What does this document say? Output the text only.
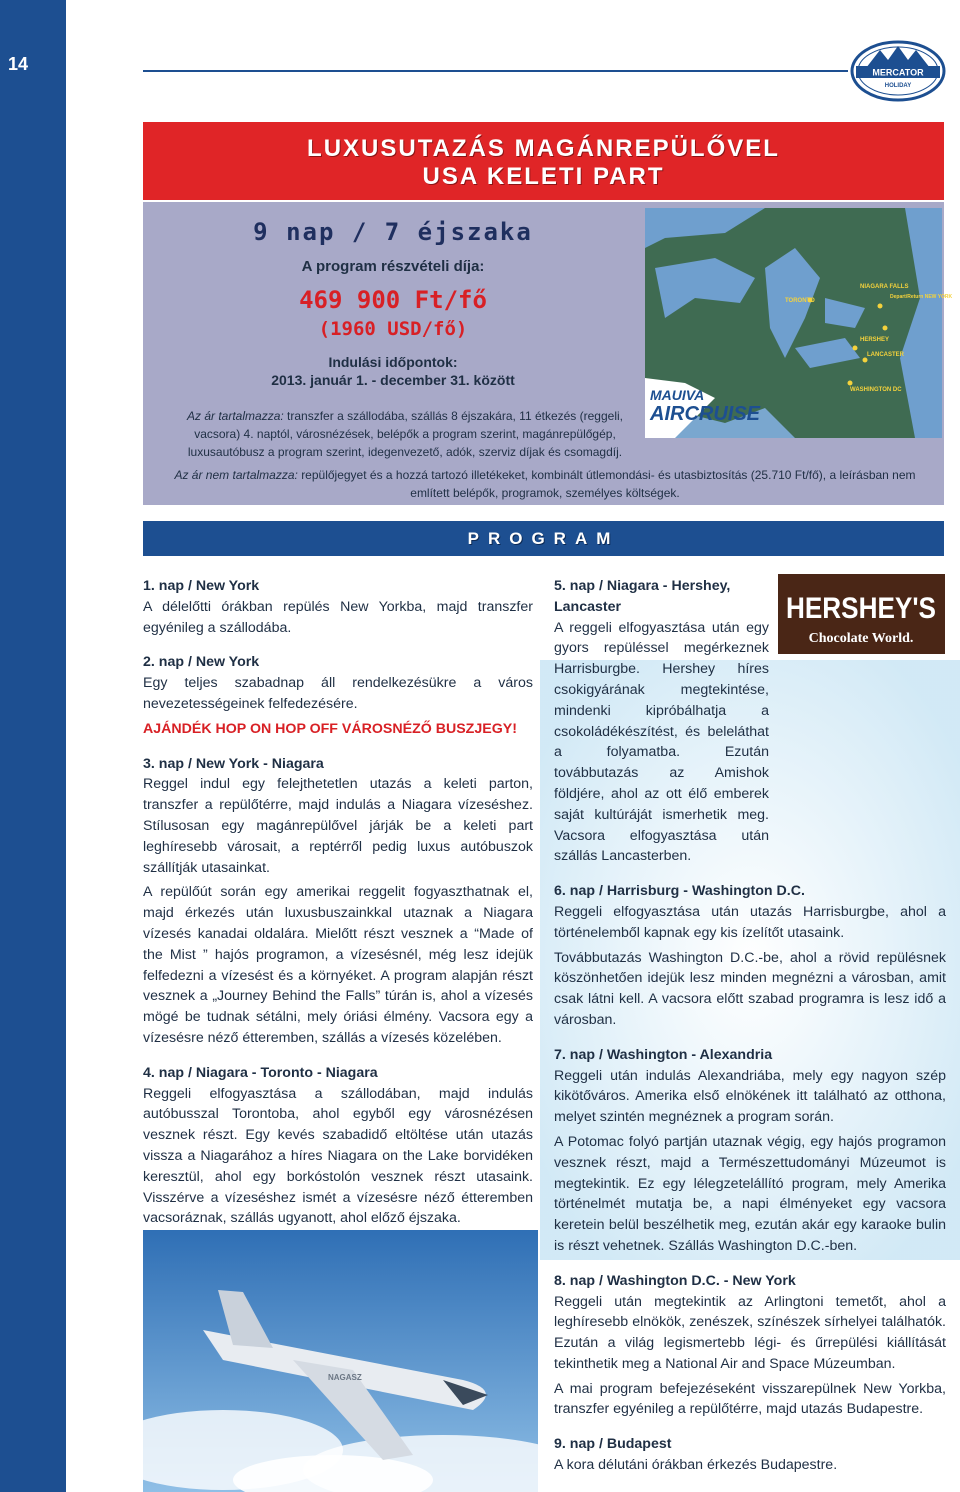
14	MERCATOR
HOLIDAY
LUXUSUTAZÁS MAGÁNREPÜLŐVEL
USA KELETI PART
9 nap / 7 éjszaka
A program részvételi díja:
469 900 Ft/fő
(1960 USD/fő)
Indulási időpontok:
2013. január 1. - december 31. között
Az ár tartalmazza: transzfer a szállodába, szállás 8 éjszakára, 11 étkezés (reggeli, vacsora) 4. naptól, városnézések, belépők a program szerint, magánrepülőgép, luxusautóbusz a program szerint, idegenvezető, adók, szerviz díjak és csomagdíj.
Az ár nem tartalmazza: repülőjegyet és a hozzá tartozó illetékeket, kombinált útlemondási- és utasbiztosítás (25.710 Ft/fő), a leírásban nem említett belépők, programok, személyes költségek.
TORONTO
NIAGARA FALLS
Depart/Return NEW YORK
HERSHEY
LANCASTER
WASHINGTON DC
MAUIVA
AIRCRUISE
PROGRAM
1. nap / New York

A délelőtti órákban repülés New Yorkba, majd transzfer egyénileg a szállodába.

2. nap / New York

Egy teljes szabadnap áll rendelkezésükre a város nevezetességeinek felfedezésére.

AJÁNDÉK HOP ON HOP OFF VÁROSNÉZŐ BUSZJEGY!

3. nap / New York - Niagara

Reggel indul egy felejthetetlen utazás a keleti parton, transzfer a repülőtérre, majd indulás a Niagara vízeséshez. Stílusosan egy magánrepülővel járják be a keleti part leghíresebb városait, a reptérről pedig luxus autóbuszok szállítják utasainkat.

A repülőút során egy amerikai reggelit fogyaszthatnak el, majd érkezés után luxusbuszainkkal utaznak a Niagara vízesés kanadai oldalára. Mielőtt részt vesznek a “Made of the Mist ” hajós programon, a vízesésnél, még lesz idejük felfedezni a vízesést és a környéket. A program alapján részt vesznek a „Journey Behind the Falls” túrán is, ahol a vízesés mögé be tudnak sétálni, mely óriási élmény. Vacsora egy a vízesésre néző étteremben, szállás a vízesés közelében.

4. nap / Niagara - Toronto - Niagara

Reggeli elfogyasztása a szállodában, majd indulás autóbusszal Torontoba, ahol egyből egy városnézésen vesznek részt. Egy kevés szabadidő eltöltése után utazás vissza a Niagarához a híres Niagara on the Lake borvidéken keresztül, ahol egy borkóstolón vesznek részt utasaink. Visszérve a vízeséshez ismét a vízesésre néző étteremben vacsoráznak, szállás ugyanott, ahol előző éjszaka.

NAGASZ
5. nap / Niagara - Hershey,
Lancaster

A reggeli elfogyasztása után egy gyors repüléssel megérkeznek Harrisburgbe. Hershey híres csokigyárának megtekintése, mindenki kipróbálhatja a csokoládékészítést, és beleláthat a folyamatba. Ezután továbbutazás az Amishok földjére, ahol az ott élő emberek saját kultúráját ismerhetik meg. Vacsora elfogyasztása után szállás Lancasterben.

6. nap / Harrisburg - Washington D.C.

Reggeli elfogyasztása után utazás Harrisburgbe, ahol a történelemből kapnak egy kis ízelítőt utasaink.

Továbbutazás Washington D.C.-be, ahol a rövid repülésnek köszönhetően idejük lesz minden megnézni a városban, amit csak látni kell. A vacsora előtt szabad programra is lesz idő a városban.

7. nap / Washington - Alexandria

Reggeli után indulás Alexandriába, mely egy nagyon szép kikötőváros. Amerika első elnökének itt található az otthona, melyet szintén megnéznek a program során.

A Potomac folyó partján utaznak végig, egy hajós programon vesznek részt, majd a Természettudományi Múzeumot is megtekintik. Ez egy lélegzetelállító program, mely Amerika történelmét mutatja be, a napi élményeket egy vacsora keretein belül beszélhetik meg, ezután akár egy karaoke bulin is részt vehetnek. Szállás Washington D.C.-ben.

8. nap / Washington D.C. - New York

Reggeli után megtekintik az Arlingtoni temetőt, ahol a leghíresebb elnökök, zenészek, színészek sírhelyei találhatók. Ezután a világ legismertebb légi- és űrrepülési kiállítását tekinthetik meg a National Air and Space Múzeumban.

A mai program befejezéseként visszarepülnek New Yorkba, transzfer egyénileg a repülőtérre, majd utazás Budapestre.

9. nap / Budapest

A kora délutáni órákban érkezés Budapestre.

HERSHEY'S
Chocolate World.
